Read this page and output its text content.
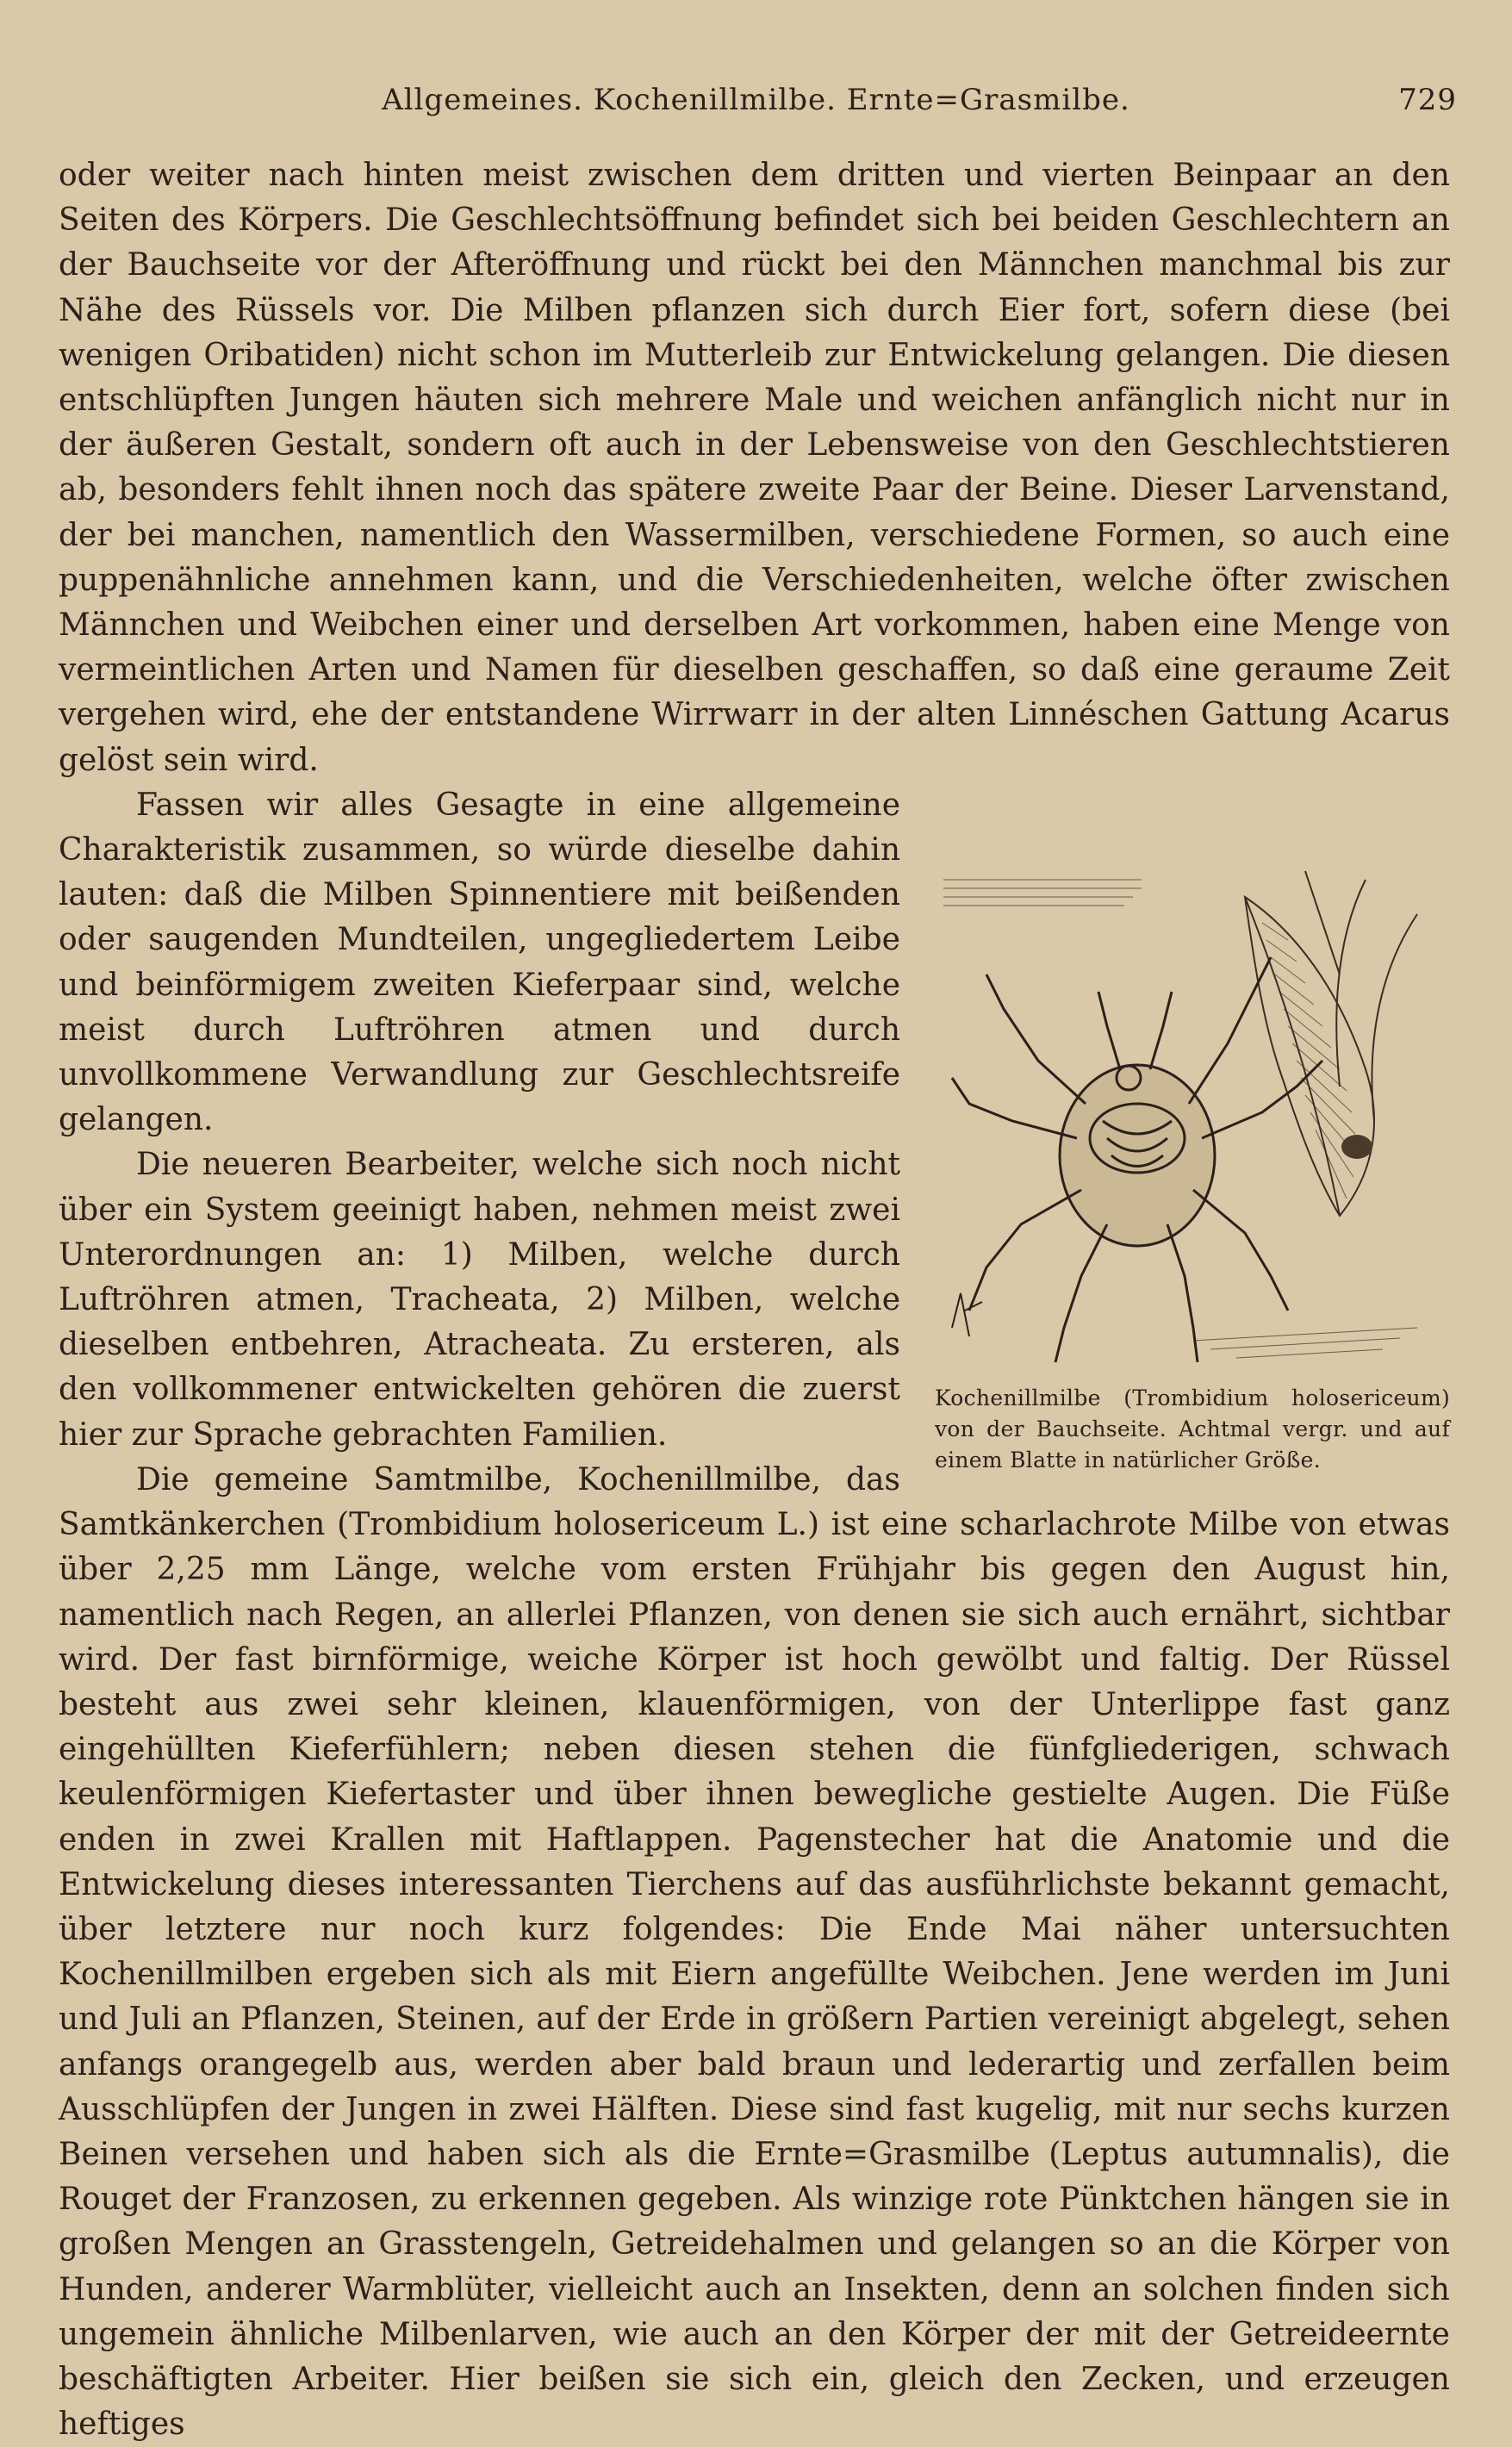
Allgemeines. Kochenillmilbe. Ernte=Grasmilbe.	729

oder weiter nach hinten meist zwischen dem dritten und vierten Beinpaar an den Seiten des Körpers. Die Geschlechtsöffnung befindet sich bei beiden Geschlechtern an der Bauchseite vor der Afteröffnung und rückt bei den Männchen manchmal bis zur Nähe des Rüssels vor. Die Milben pflanzen sich durch Eier fort, sofern diese (bei wenigen Oribatiden) nicht schon im Mutterleib zur Entwickelung gelangen. Die diesen entschlüpften Jungen häuten sich mehrere Male und weichen anfänglich nicht nur in der äußeren Gestalt, sondern oft auch in der Lebensweise von den Geschlechtstieren ab, besonders fehlt ihnen noch das spätere zweite Paar der Beine. Dieser Larvenstand, der bei manchen, namentlich den Wassermilben, verschiedene Formen, so auch eine puppenähnliche annehmen kann, und die Verschiedenheiten, welche öfter zwischen Männchen und Weibchen einer und derselben Art vorkommen, haben eine Menge von vermeintlichen Arten und Namen für dieselben geschaffen, so daß eine geraume Zeit vergehen wird, ehe der entstandene Wirrwarr in der alten Linnéschen Gattung Acarus gelöst sein wird.

Kochenillmilbe (Trombidium holosericeum) von der Bauchseite. Achtmal vergr. und auf einem Blatte in natürlicher Größe.

Fassen wir alles Gesagte in eine allgemeine Charakteristik zusammen, so würde dieselbe dahin lauten: daß die Milben Spinnentiere mit beißenden oder saugenden Mundteilen, ungegliedertem Leibe und beinförmigem zweiten Kieferpaar sind, welche meist durch Luftröhren atmen und durch unvollkommene Verwandlung zur Geschlechtsreife gelangen.

Die neueren Bearbeiter, welche sich noch nicht über ein System geeinigt haben, nehmen meist zwei Unterordnungen an: 1) Milben, welche durch Luftröhren atmen, Tracheata, 2) Milben, welche dieselben entbehren, Atracheata. Zu ersteren, als den vollkommener entwickelten gehören die zuerst hier zur Sprache gebrachten Familien.

Die gemeine Samtmilbe, Kochenillmilbe, das Samtkänkerchen (Trombidium holosericeum L.) ist eine scharlachrote Milbe von etwas über 2,25 mm Länge, welche vom ersten Frühjahr bis gegen den August hin, namentlich nach Regen, an allerlei Pflanzen, von denen sie sich auch ernährt, sichtbar wird. Der fast birnförmige, weiche Körper ist hoch gewölbt und faltig. Der Rüssel besteht aus zwei sehr kleinen, klauenförmigen, von der Unterlippe fast ganz eingehüllten Kieferfühlern; neben diesen stehen die fünfgliederigen, schwach keulenförmigen Kiefertaster und über ihnen bewegliche gestielte Augen. Die Füße enden in zwei Krallen mit Haftlappen. Pagenstecher hat die Anatomie und die Entwickelung dieses interessanten Tierchens auf das ausführlichste bekannt gemacht, über letztere nur noch kurz folgendes: Die Ende Mai näher untersuchten Kochenillmilben ergeben sich als mit Eiern angefüllte Weibchen. Jene werden im Juni und Juli an Pflanzen, Steinen, auf der Erde in größern Partien vereinigt abgelegt, sehen anfangs orangegelb aus, werden aber bald braun und lederartig und zerfallen beim Ausschlüpfen der Jungen in zwei Hälften. Diese sind fast kugelig, mit nur sechs kurzen Beinen versehen und haben sich als die Ernte=Grasmilbe (Leptus autumnalis), die Rouget der Franzosen, zu erkennen gegeben. Als winzige rote Pünktchen hängen sie in großen Mengen an Grasstengeln, Getreidehalmen und gelangen so an die Körper von Hunden, anderer Warmblüter, vielleicht auch an Insekten, denn an solchen finden sich ungemein ähnliche Milbenlarven, wie auch an den Körper der mit der Getreideernte beschäftigten Arbeiter. Hier beißen sie sich ein, gleich den Zecken, und erzeugen heftiges
